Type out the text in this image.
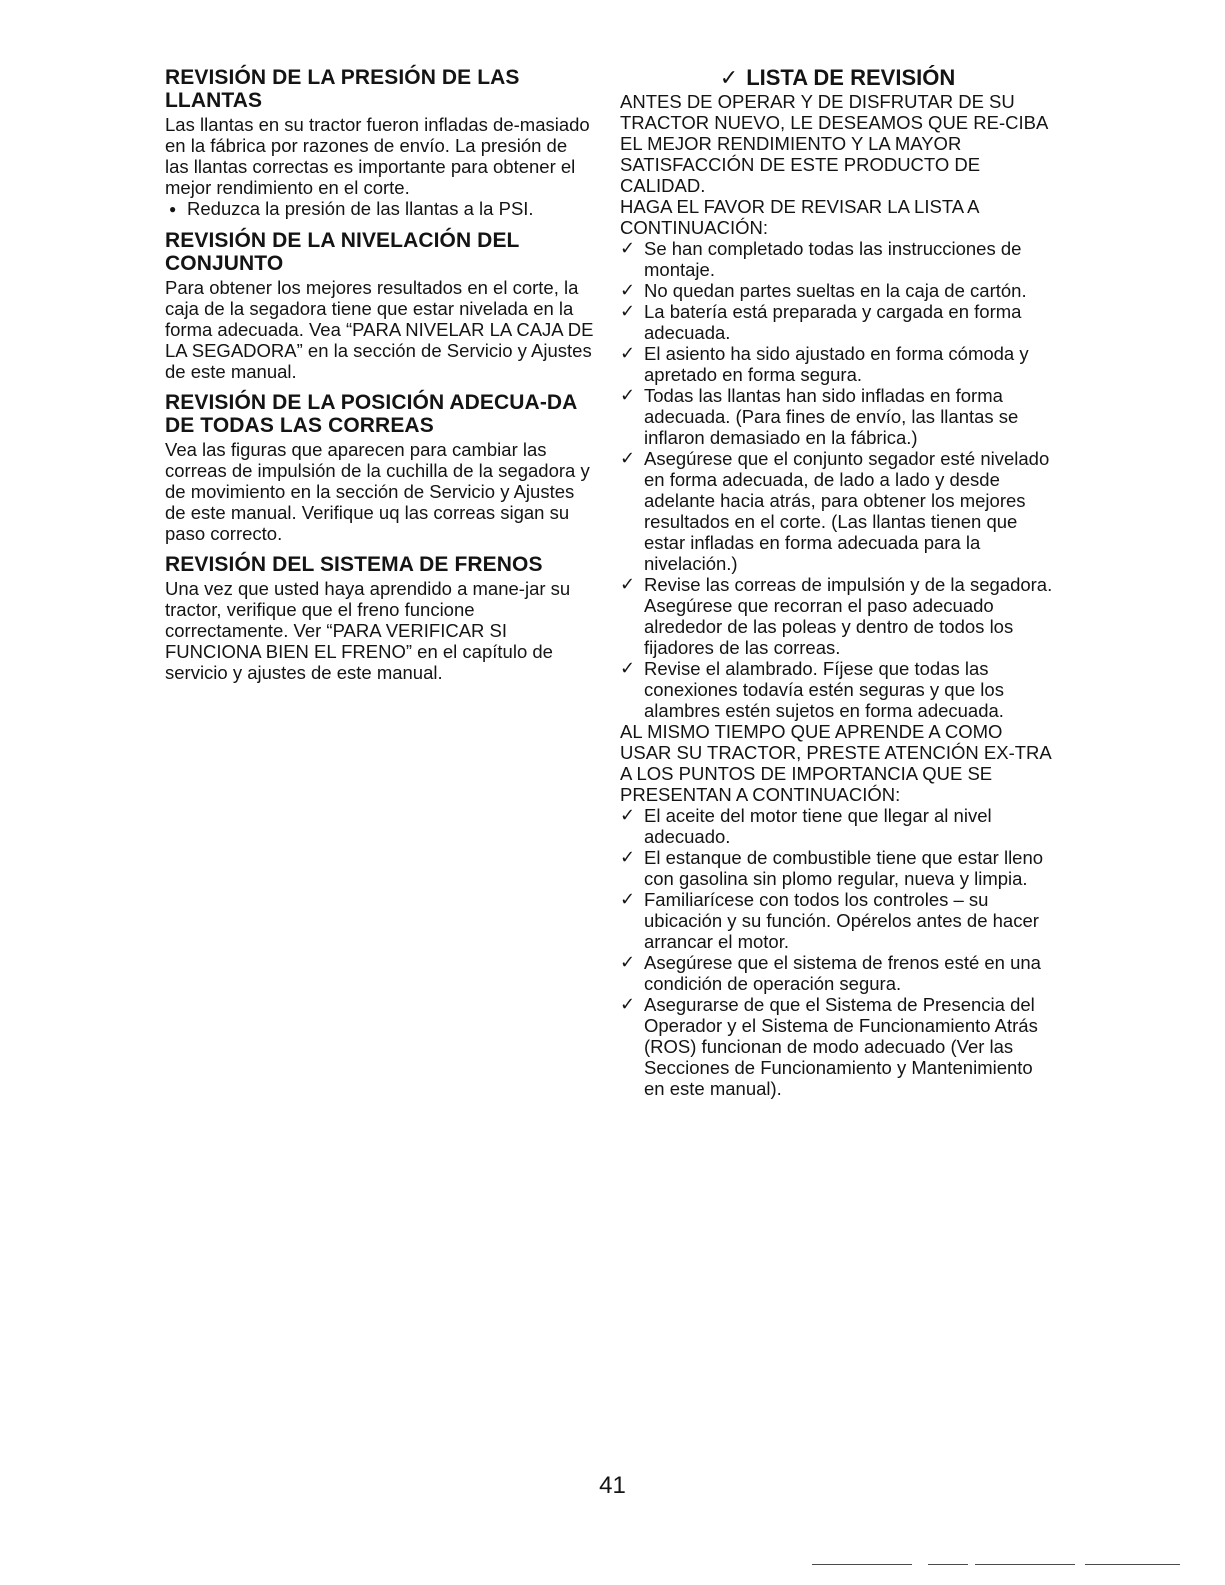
REVISIÓN DE LA PRESIÓN DE LAS LLANTAS

Las llantas en su tractor fueron infladas de-masiado en la fábrica por razones de envío. La presión de las llantas correctas es importante para obtener el mejor rendimiento en el corte.

● Reduzca la presión de las llantas a la PSI.

REVISIÓN DE LA NIVELACIÓN DEL CONJUNTO

Para obtener los mejores resultados en el corte, la caja de la segadora tiene que estar nivelada en la forma adecuada. Vea “PARA NIVELAR LA CAJA DE LA SEGADORA” en la sección de Servicio y Ajustes de este manual.

REVISIÓN DE LA POSICIÓN ADECUA-DA DE TODAS LAS CORREAS

Vea las figuras que aparecen para cambiar las correas de impulsión de la cuchilla de la segadora y de movimiento en la sección de Servicio y Ajustes de este manual. Verifique uq las correas sigan su paso correcto.

REVISIÓN DEL SISTEMA DE FRENOS

Una vez que usted haya aprendido a mane-jar su tractor, verifique que el freno funcione correctamente. Ver “PARA VERIFICAR SI FUNCIONA BIEN EL FRENO” en el capítulo de servicio y ajustes de este manual.

✓ LISTA DE REVISIÓN

ANTES DE OPERAR Y DE DISFRUTAR DE SU TRACTOR NUEVO, LE DESEAMOS QUE RE-CIBA EL MEJOR RENDIMIENTO Y LA MAYOR SATISFACCIÓN DE ESTE PRODUCTO DE CALIDAD.

HAGA EL FAVOR DE REVISAR LA LISTA A CONTINUACIÓN:

✓ Se han completado todas las instrucciones de montaje.
✓ No quedan partes sueltas en la caja de cartón.
✓ La batería está preparada y cargada en forma adecuada.
✓ El asiento ha sido ajustado en forma cómoda y apretado en forma segura.
✓ Todas las llantas han sido infladas en forma adecuada. (Para fines de envío, las llantas se inflaron demasiado en la fábrica.)
✓ Asegúrese que el conjunto segador esté nivelado en forma adecuada, de lado a lado y desde adelante hacia atrás, para obtener los mejores resultados en el corte. (Las llantas tienen que estar infladas en forma adecuada para la nivelación.)
✓ Revise las correas de impulsión y de la segadora. Asegúrese que recorran el paso adecuado alrededor de las poleas y dentro de todos los fijadores de las correas.
✓ Revise el alambrado. Fíjese que todas las conexiones todavía estén seguras y que los alambres estén sujetos en forma adecuada.

AL MISMO TIEMPO QUE APRENDE A COMO USAR SU TRACTOR, PRESTE ATENCIÓN EX-TRA A LOS PUNTOS DE IMPORTANCIA QUE SE PRESENTAN A CONTINUACIÓN:

✓ El aceite del motor tiene que llegar al nivel adecuado.
✓ El estanque de combustible tiene que estar lleno con gasolina sin plomo regular, nueva y limpia.
✓ Familiarícese con todos los controles – su ubicación y su función. Opérelos antes de hacer arrancar el motor.
✓ Asegúrese que el sistema de frenos esté en una condición de operación segura.
✓ Asegurarse de que el Sistema de Presencia del Operador y el Sistema de Funcionamiento Atrás (ROS) funcionan de modo adecuado (Ver las Secciones de Funcionamiento y Mantenimiento en este manual).
41
